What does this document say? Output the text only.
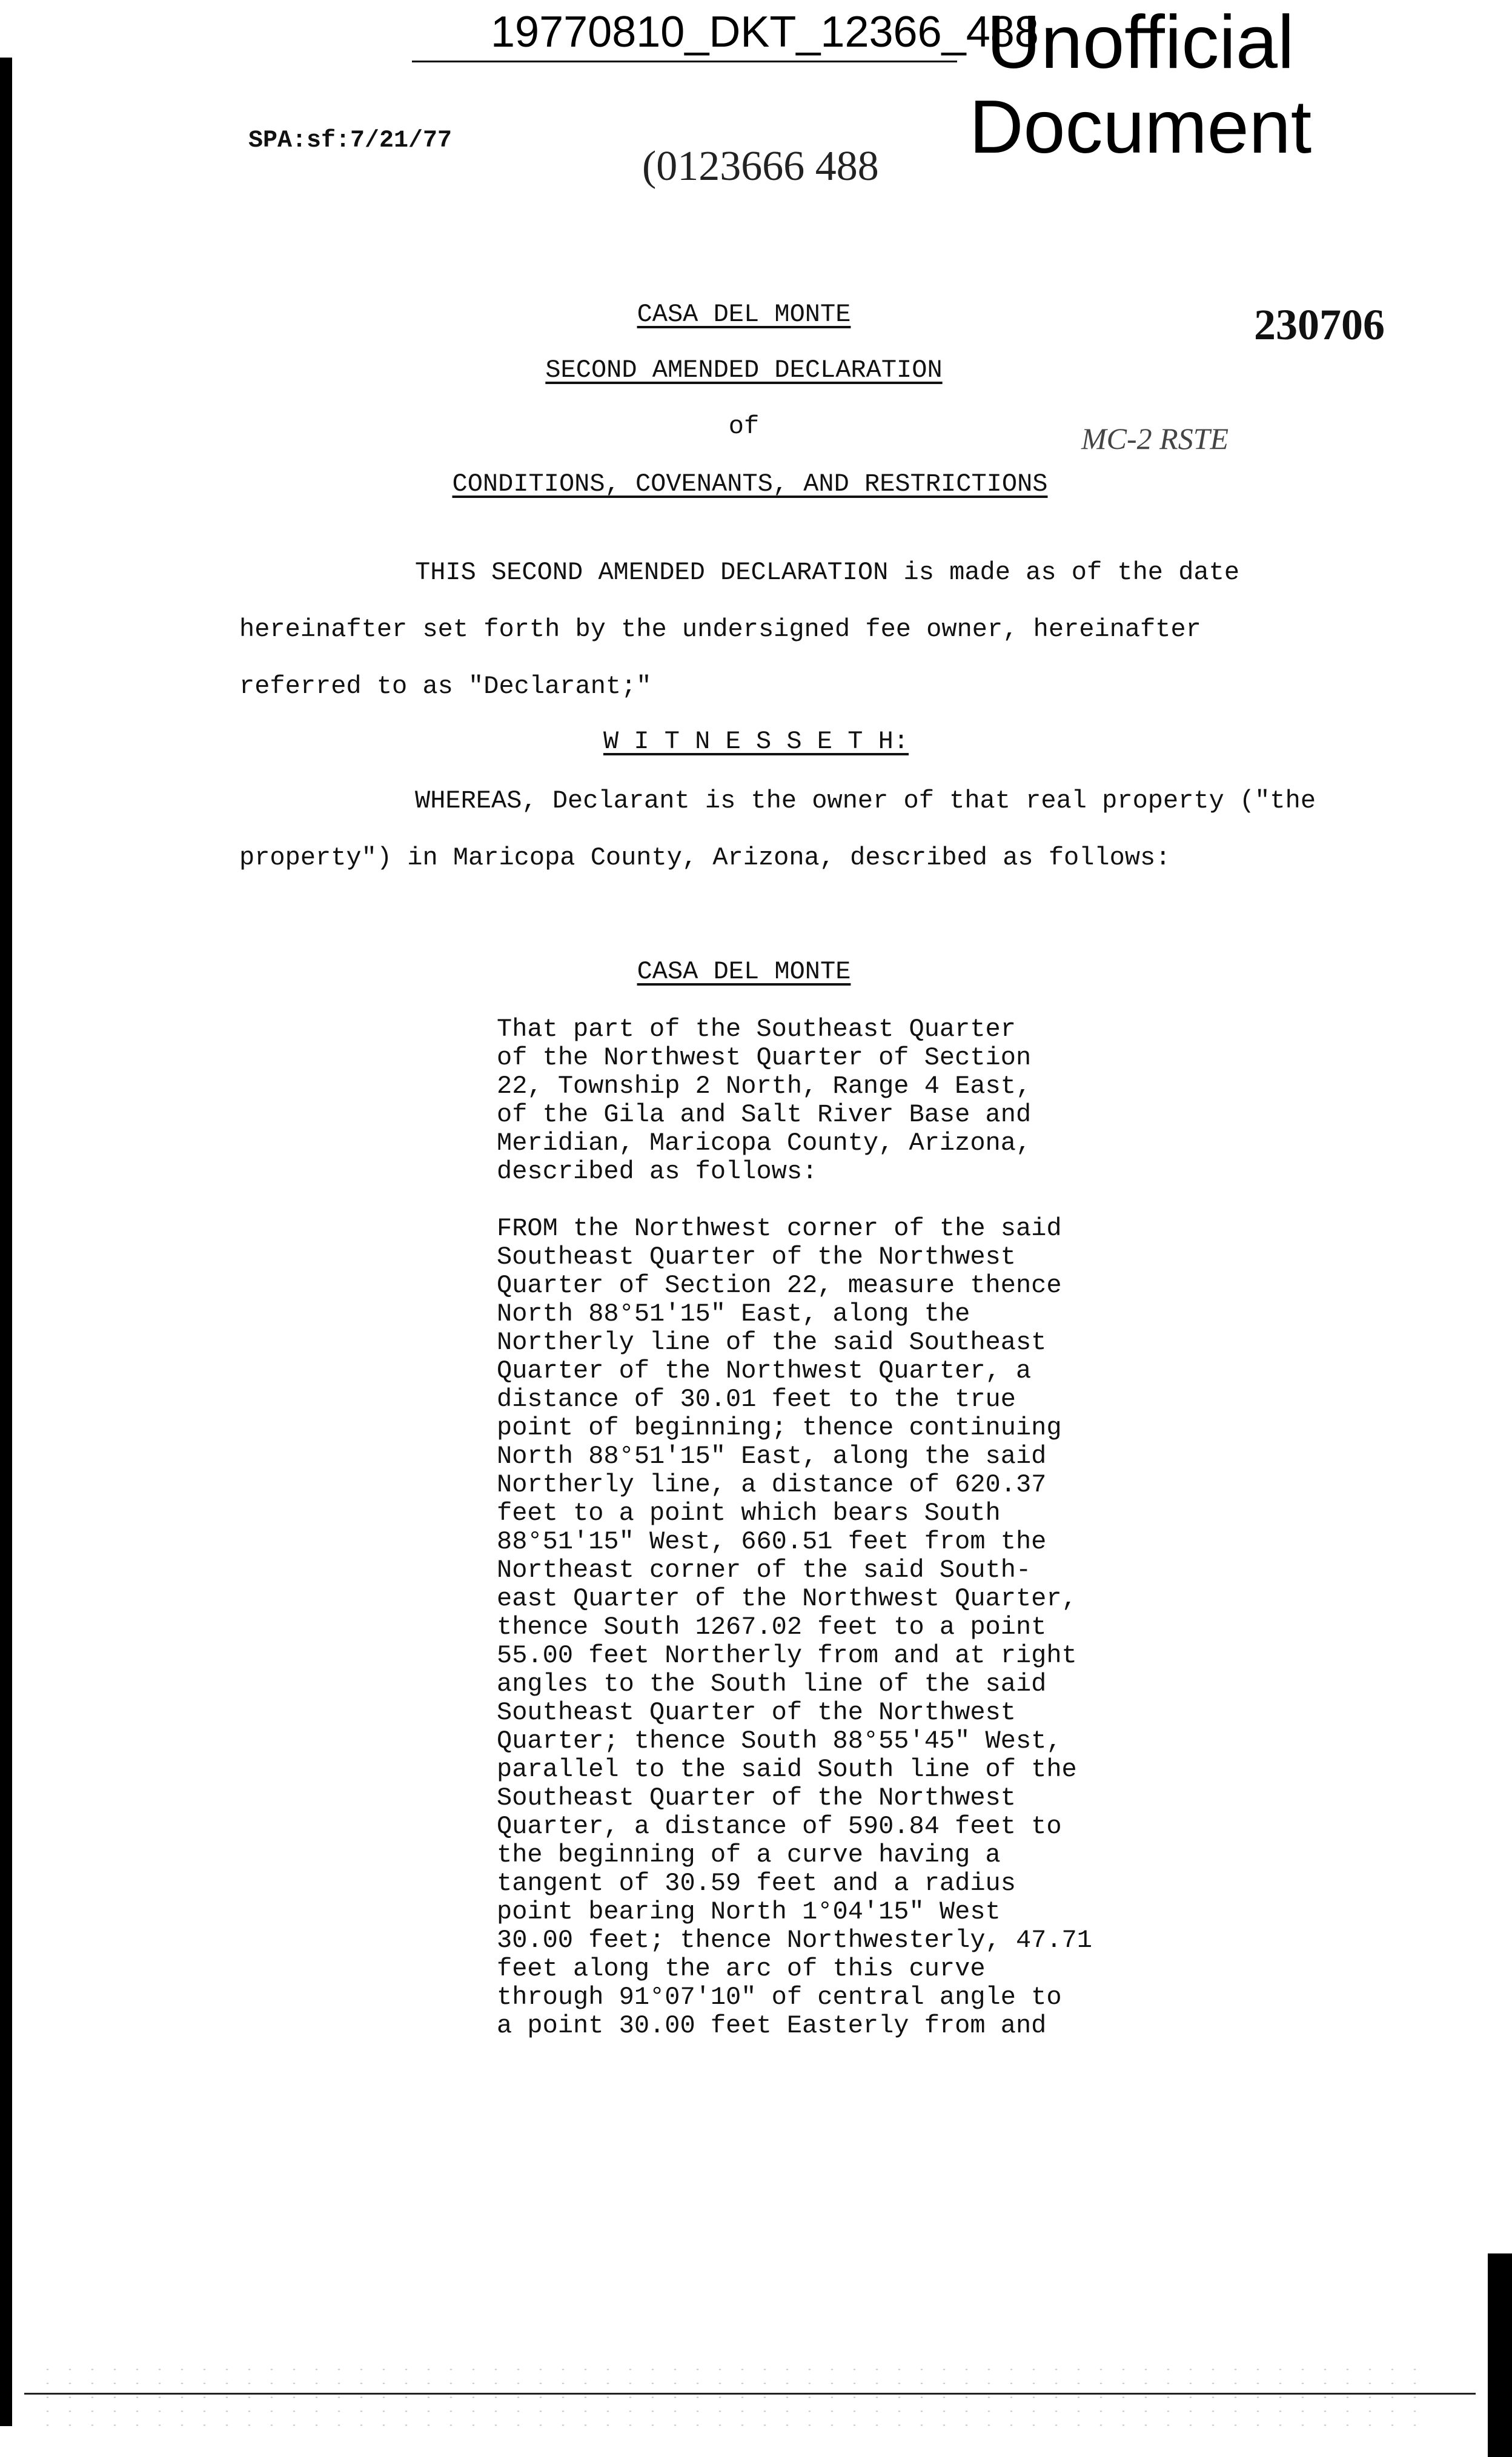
19770810_DKT_12366_488
Unofficial
Document
SPA:sf:7/21/77
(0123666 488
230706
MC-2 RSTE
CASA DEL MONTE
SECOND AMENDED DECLARATION
of
CONDITIONS, COVENANTS, AND RESTRICTIONS

THIS SECOND AMENDED DECLARATION is made as of the date hereinafter set forth by the undersigned fee owner, hereinafter referred to as "Declarant;"

W I T N E S S E T H:

WHEREAS, Declarant is the owner of that real property ("the property") in Maricopa County, Arizona, described as follows:

CASA DEL MONTE

That part of the Southeast Quarter
of the Northwest Quarter of Section
22, Township 2 North, Range 4 East,
of the Gila and Salt River Base and
Meridian, Maricopa County, Arizona,
described as follows:

FROM the Northwest corner of the said
Southeast Quarter of the Northwest
Quarter of Section 22, measure thence
North 88°51'15" East, along the
Northerly line of the said Southeast
Quarter of the Northwest Quarter, a
distance of 30.01 feet to the true
point of beginning; thence continuing
North 88°51'15" East, along the said
Northerly line, a distance of 620.37
feet to a point which bears South
88°51'15" West, 660.51 feet from the
Northeast corner of the said South-
east Quarter of the Northwest Quarter,
thence South 1267.02 feet to a point
55.00 feet Northerly from and at right
angles to the South line of the said
Southeast Quarter of the Northwest
Quarter; thence South 88°55'45" West,
parallel to the said South line of the
Southeast Quarter of the Northwest
Quarter, a distance of 590.84 feet to
the beginning of a curve having a
tangent of 30.59 feet and a radius
point bearing North 1°04'15" West
30.00 feet; thence Northwesterly, 47.71
feet along the arc of this curve
through 91°07'10" of central angle to
a point 30.00 feet Easterly from and
